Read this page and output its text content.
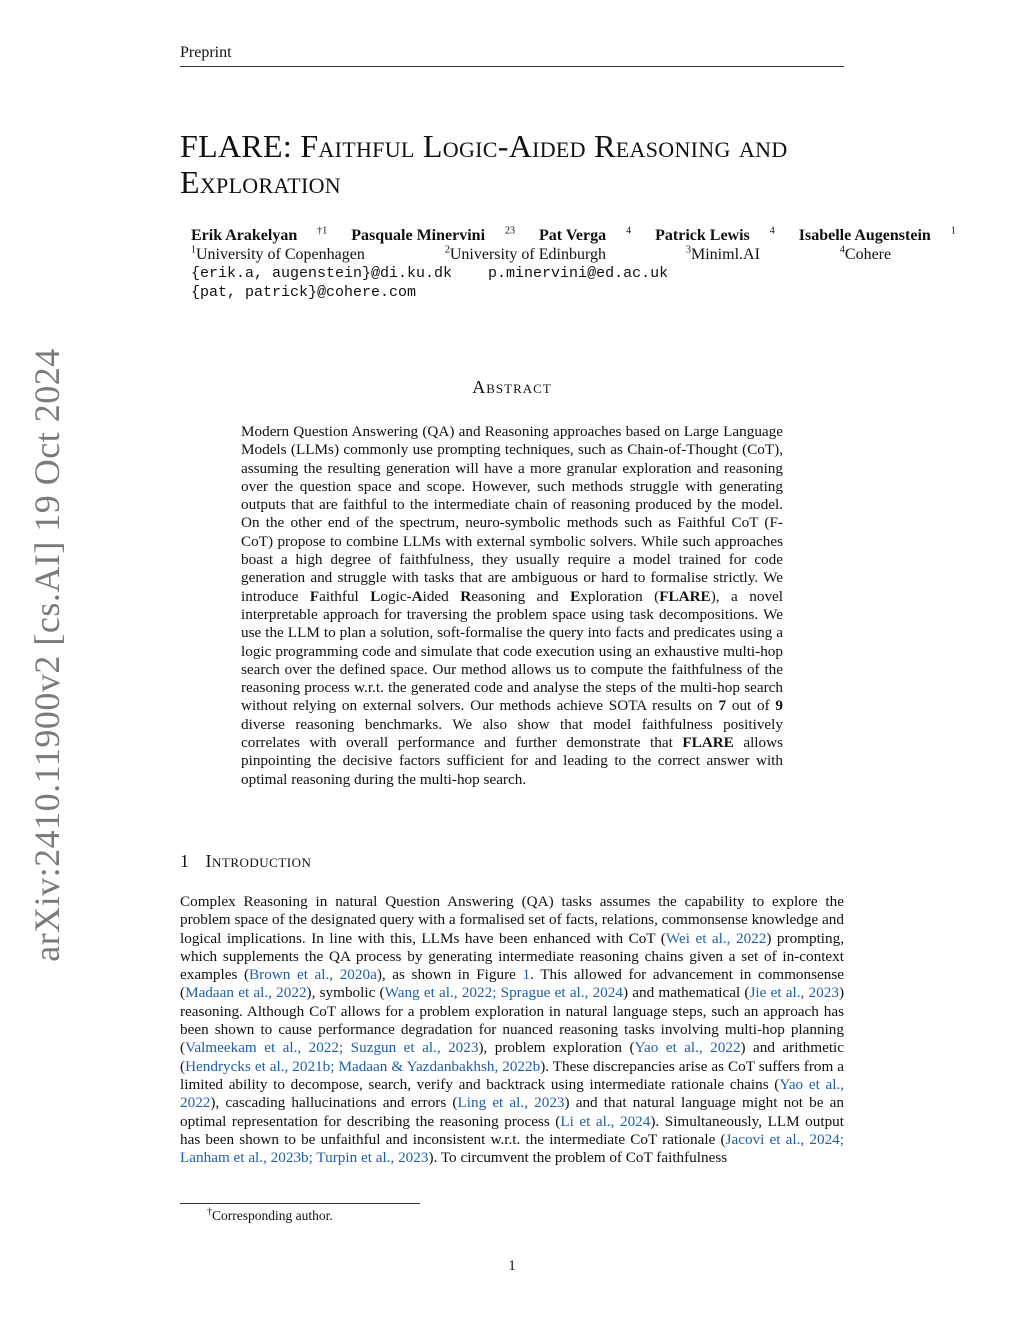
Preprint
FLARE: Faithful Logic-Aided Reasoning and Exploration
Erik Arakelyan $^{\dagger 1}$ Pasquale Minervini $^{23}$ Pat Verga $^4$ Patrick Lewis $^4$ Isabelle Augenstein $^1$
$^1$University of Copenhagen	$^2$University of Edinburgh	$^3$Miniml.AI	$^4$Cohere
{erik.a, augenstein}@di.ku.dk p.minervini@ed.ac.uk
{pat, patrick}@cohere.com
arXiv:2410.11900v2 [cs.AI] 19 Oct 2024	Abstract

Modern Question Answering (QA) and Reasoning approaches based on Large Language Models (LLMs) commonly use prompting techniques, such as Chain-of-Thought (CoT), assuming the resulting generation will have a more granular exploration and reasoning over the question space and scope. However, such methods struggle with generating outputs that are faithful to the intermediate chain of reasoning produced by the model. On the other end of the spectrum, neuro-symbolic methods such as Faithful CoT (F-CoT) propose to combine LLMs with external symbolic solvers. While such approaches boast a high degree of faithfulness, they usually require a model trained for code generation and struggle with tasks that are ambiguous or hard to formalise strictly. We introduce Faithful Logic-Aided Reasoning and Exploration (FLARE), a novel interpretable approach for traversing the problem space using task decompositions. We use the LLM to plan a solution, soft-formalise the query into facts and predicates using a logic programming code and simulate that code execution using an exhaustive multi-hop search over the defined space. Our method allows us to compute the faithfulness of the reasoning process w.r.t. the generated code and analyse the steps of the multi-hop search without relying on external solvers. Our methods achieve SOTA results on 7 out of 9 diverse reasoning benchmarks. We also show that model faithfulness positively correlates with overall performance and further demonstrate that FLARE allows pinpointing the decisive factors sufficient for and leading to the correct answer with optimal reasoning during the multi-hop search.

1 Introduction

Complex Reasoning in natural Question Answering (QA) tasks assumes the capability to explore the problem space of the designated query with a formalised set of facts, relations, commonsense knowledge and logical implications. In line with this, LLMs have been enhanced with CoT (Wei et al., 2022) prompting, which supplements the QA process by generating intermediate reasoning chains given a set of in-context examples (Brown et al., 2020a), as shown in Figure 1. This allowed for advancement in commonsense (Madaan et al., 2022), symbolic (Wang et al., 2022; Sprague et al., 2024) and mathematical (Jie et al., 2023) reasoning. Although CoT allows for a problem exploration in natural language steps, such an approach has been shown to cause performance degradation for nuanced reasoning tasks involving multi-hop planning (Valmeekam et al., 2022; Suzgun et al., 2023), problem exploration (Yao et al., 2022) and arithmetic (Hendrycks et al., 2021b; Madaan & Yazdanbakhsh, 2022b). These discrepancies arise as CoT suffers from a limited ability to decompose, search, verify and backtrack using intermediate rationale chains (Yao et al., 2022), cascading hallucinations and errors (Ling et al., 2023) and that natural language might not be an optimal representation for describing the reasoning process (Li et al., 2024). Simultaneously, LLM output has been shown to be unfaithful and inconsistent w.r.t. the intermediate CoT rationale (Jacovi et al., 2024; Lanham et al., 2023b; Turpin et al., 2023). To circumvent the problem of CoT faithfulness

†Corresponding author.
1
